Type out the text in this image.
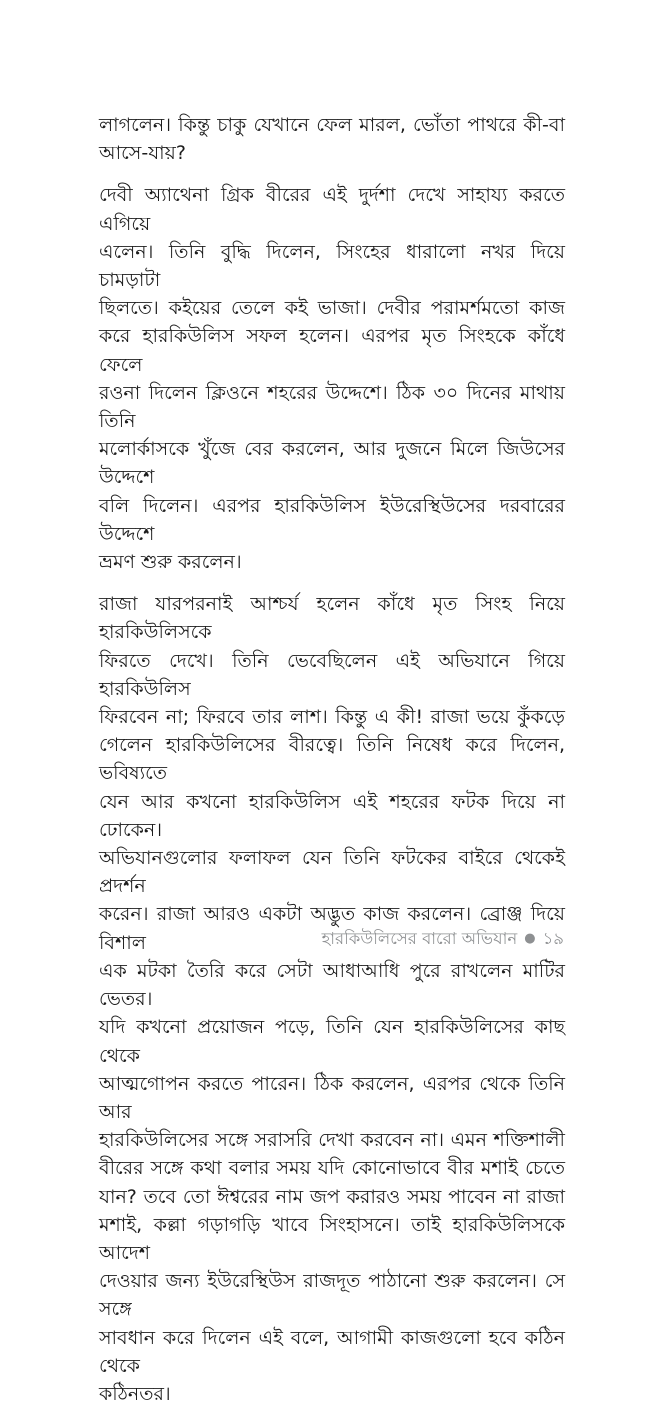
লাগলেন। কিন্তু চাকু যেখানে ফেল মারল, ভোঁতা পাথরে কী-বা
আসে-যায়?
দেবী অ্যাথেনা গ্রিক বীরের এই দুর্দশা দেখে সাহায্য করতে এগিয়ে
এলেন। তিনি বুদ্ধি দিলেন, সিংহের ধারালো নখর দিয়ে চামড়াটা
ছিলতে। কইয়ের তেলে কই ভাজা। দেবীর পরামর্শমতো কাজ
করে হারকিউলিস সফল হলেন। এরপর মৃত সিংহকে কাঁধে ফেলে
রওনা দিলেন ক্লিওনে শহরের উদ্দেশে। ঠিক ৩০ দিনের মাথায় তিনি
মলোর্কাসকে খুঁজে বের করলেন, আর দুজনে মিলে জিউসের উদ্দেশে
বলি দিলেন। এরপর হারকিউলিস ইউরেস্থিউসের দরবারের উদ্দেশে
ভ্রমণ শুরু করলেন।
রাজা যারপরনাই আশ্চর্য হলেন কাঁধে মৃত সিংহ নিয়ে হারকিউলিসকে
ফিরতে দেখে। তিনি ভেবেছিলেন এই অভিযানে গিয়ে হারকিউলিস
ফিরবেন না; ফিরবে তার লাশ। কিন্তু এ কী! রাজা ভয়ে কুঁকড়ে
গেলেন হারকিউলিসের বীরত্বে। তিনি নিষেধ করে দিলেন, ভবিষ্যতে
যেন আর কখনো হারকিউলিস এই শহরের ফটক দিয়ে না ঢোকেন।
অভিযানগুলোর ফলাফল যেন তিনি ফটকের বাইরে থেকেই প্রদর্শন
করেন। রাজা আরও একটা অদ্ভুত কাজ করলেন। ব্রোঞ্জ দিয়ে বিশাল
এক মটকা তৈরি করে সেটা আধাআধি পুরে রাখলেন মাটির ভেতর।
যদি কখনো প্রয়োজন পড়ে, তিনি যেন হারকিউলিসের কাছ থেকে
আত্মগোপন করতে পারেন। ঠিক করলেন, এরপর থেকে তিনি আর
হারকিউলিসের সঙ্গে সরাসরি দেখা করবেন না। এমন শক্তিশালী
বীরের সঙ্গে কথা বলার সময় যদি কোনোভাবে বীর মশাই চেতে
যান? তবে তো ঈশ্বরের নাম জপ করারও সময় পাবেন না রাজা
মশাই, কল্লা গড়াগড়ি খাবে সিংহাসনে। তাই হারকিউলিসকে আদেশ
দেওয়ার জন্য ইউরেস্থিউস রাজদূত পাঠানো শুরু করলেন। সে সঙ্গে
সাবধান করে দিলেন এই বলে, আগামী কাজগুলো হবে কঠিন থেকে
কঠিনতর।
হারকিউলিসের বারো অভিযান ● ১৯
